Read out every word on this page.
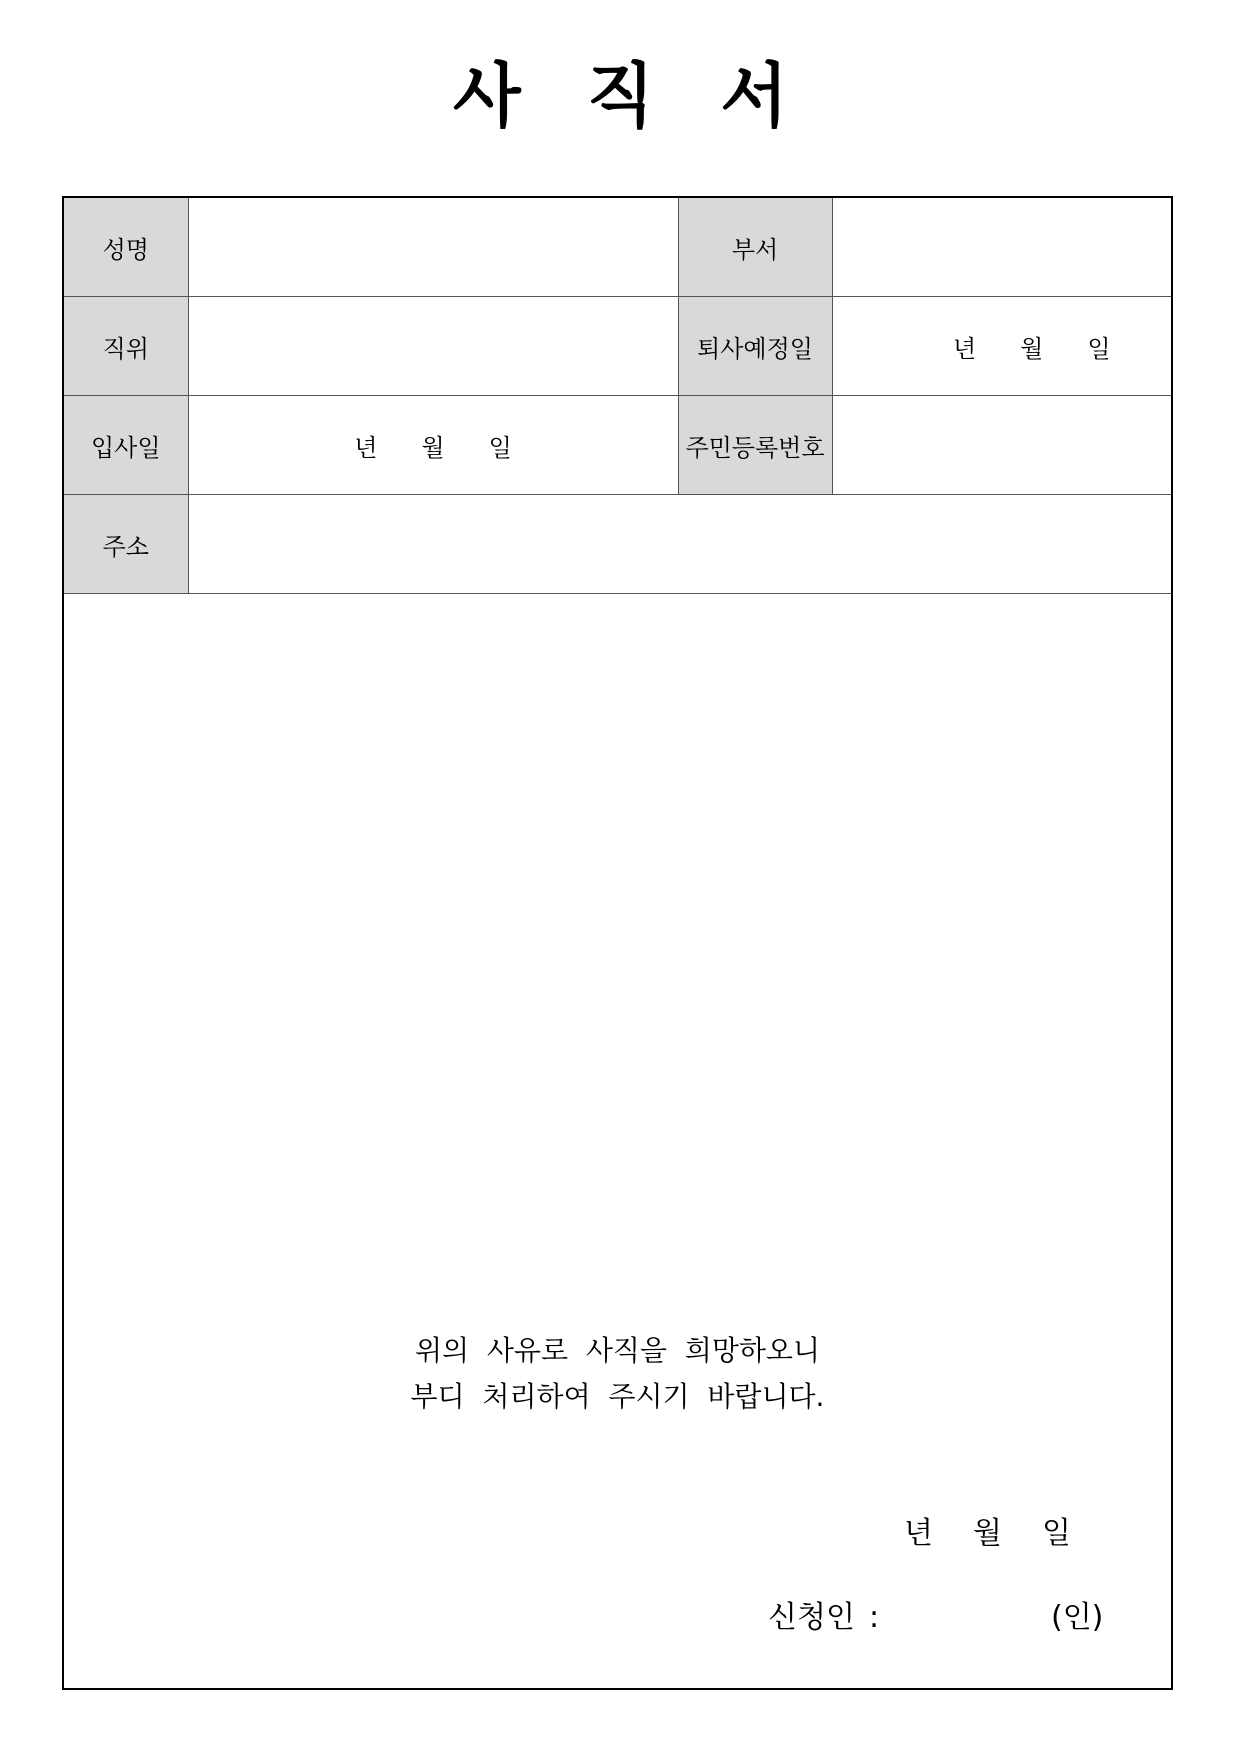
사 직 서
성명		부서	
직위		퇴사예정일	년 월 일
입사일	년 월 일	주민등록번호	
주소			
위의  사유로  사직을  희망하오니
부디  처리하여  주시기  바랍니다.
년 월 일
신청인 :	(인)
